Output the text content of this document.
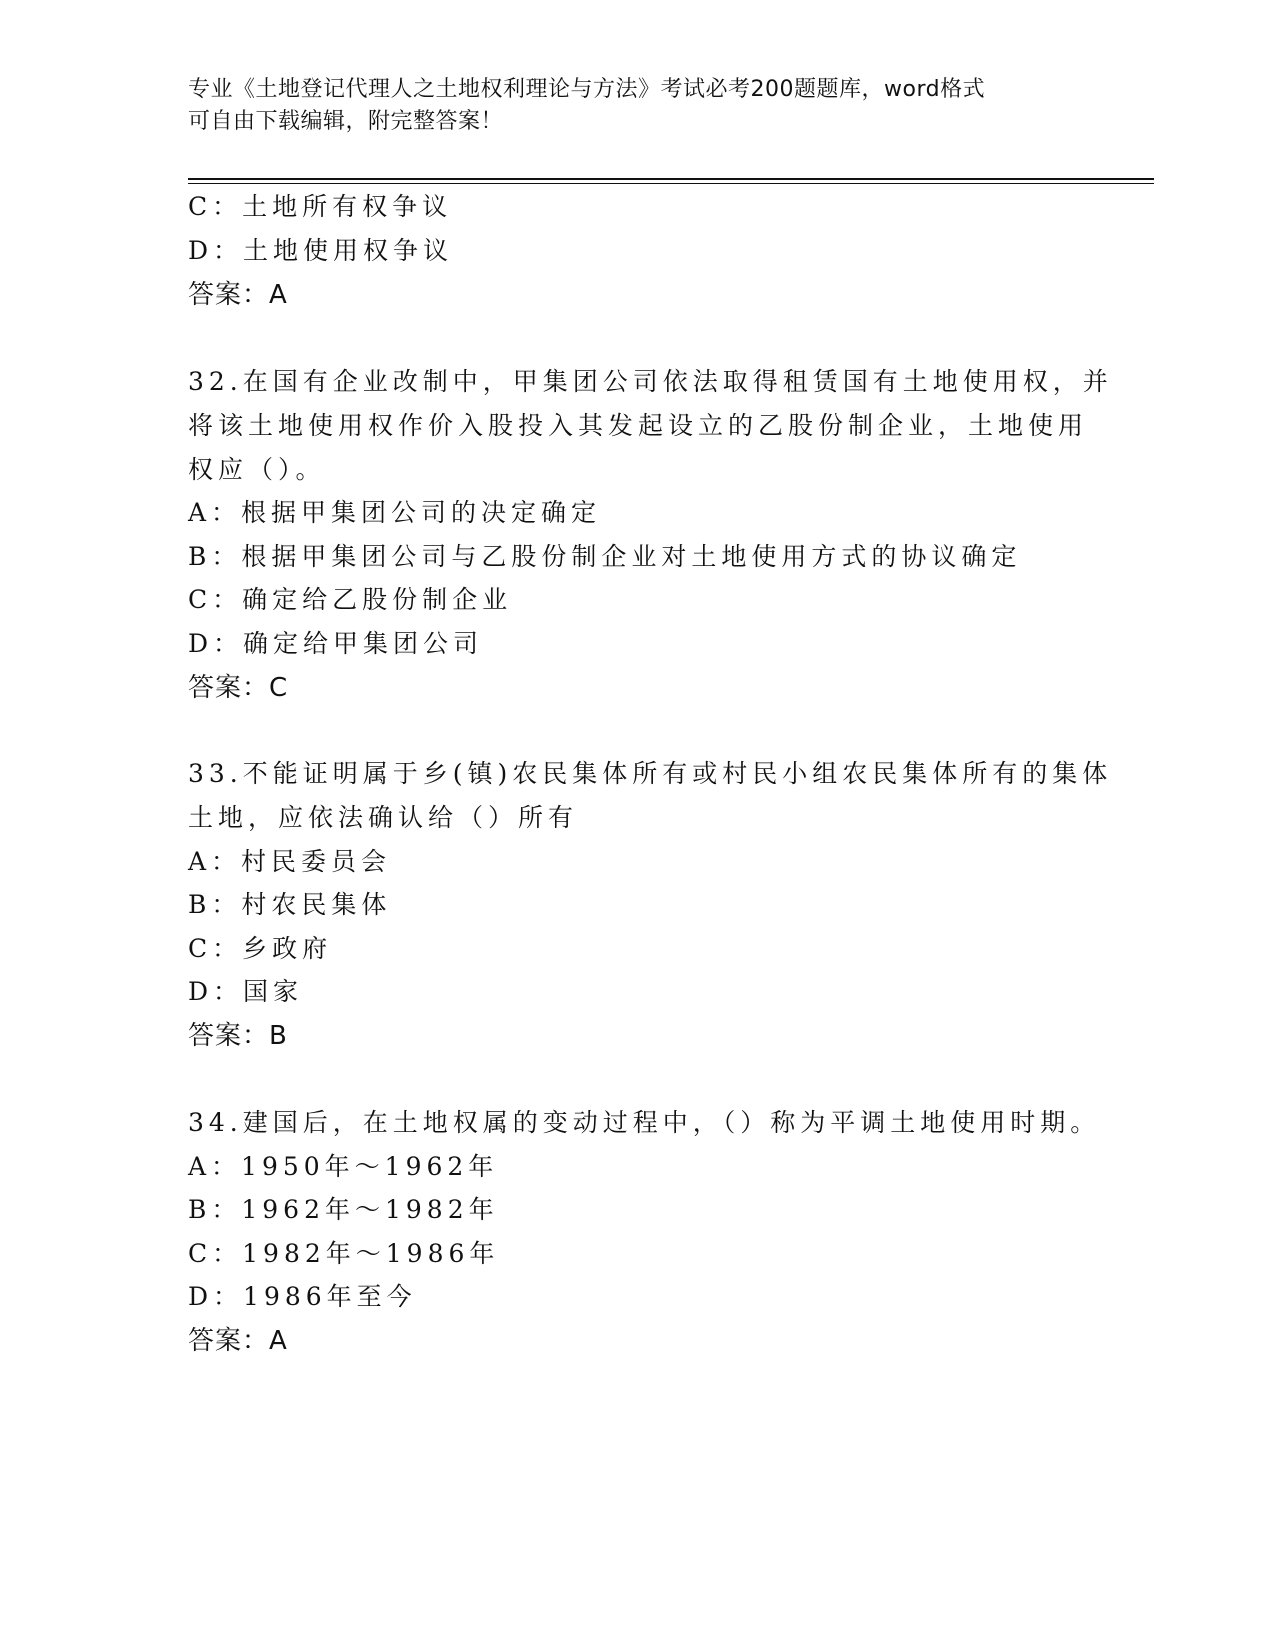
专业《土地登记代理人之土地权利理论与方法》考试必考200题题库，word格式
可自由下载编辑，附完整答案！
C：土地所有权争议
D：土地使用权争议
答案：A
32.在国有企业改制中，甲集团公司依法取得租赁国有土地使用权，并
将该土地使用权作价入股投入其发起设立的乙股份制企业，土地使用
权应（）。
A：根据甲集团公司的决定确定
B：根据甲集团公司与乙股份制企业对土地使用方式的协议确定
C：确定给乙股份制企业
D：确定给甲集团公司
答案：C
33.不能证明属于乡(镇)农民集体所有或村民小组农民集体所有的集体
土地，应依法确认给（）所有
A：村民委员会
B：村农民集体
C：乡政府
D：国家
答案：B
34.建国后，在土地权属的变动过程中，（）称为平调土地使用时期。
A：1950年～1962年
B：1962年～1982年
C：1982年～1986年
D：1986年至今
答案：A
